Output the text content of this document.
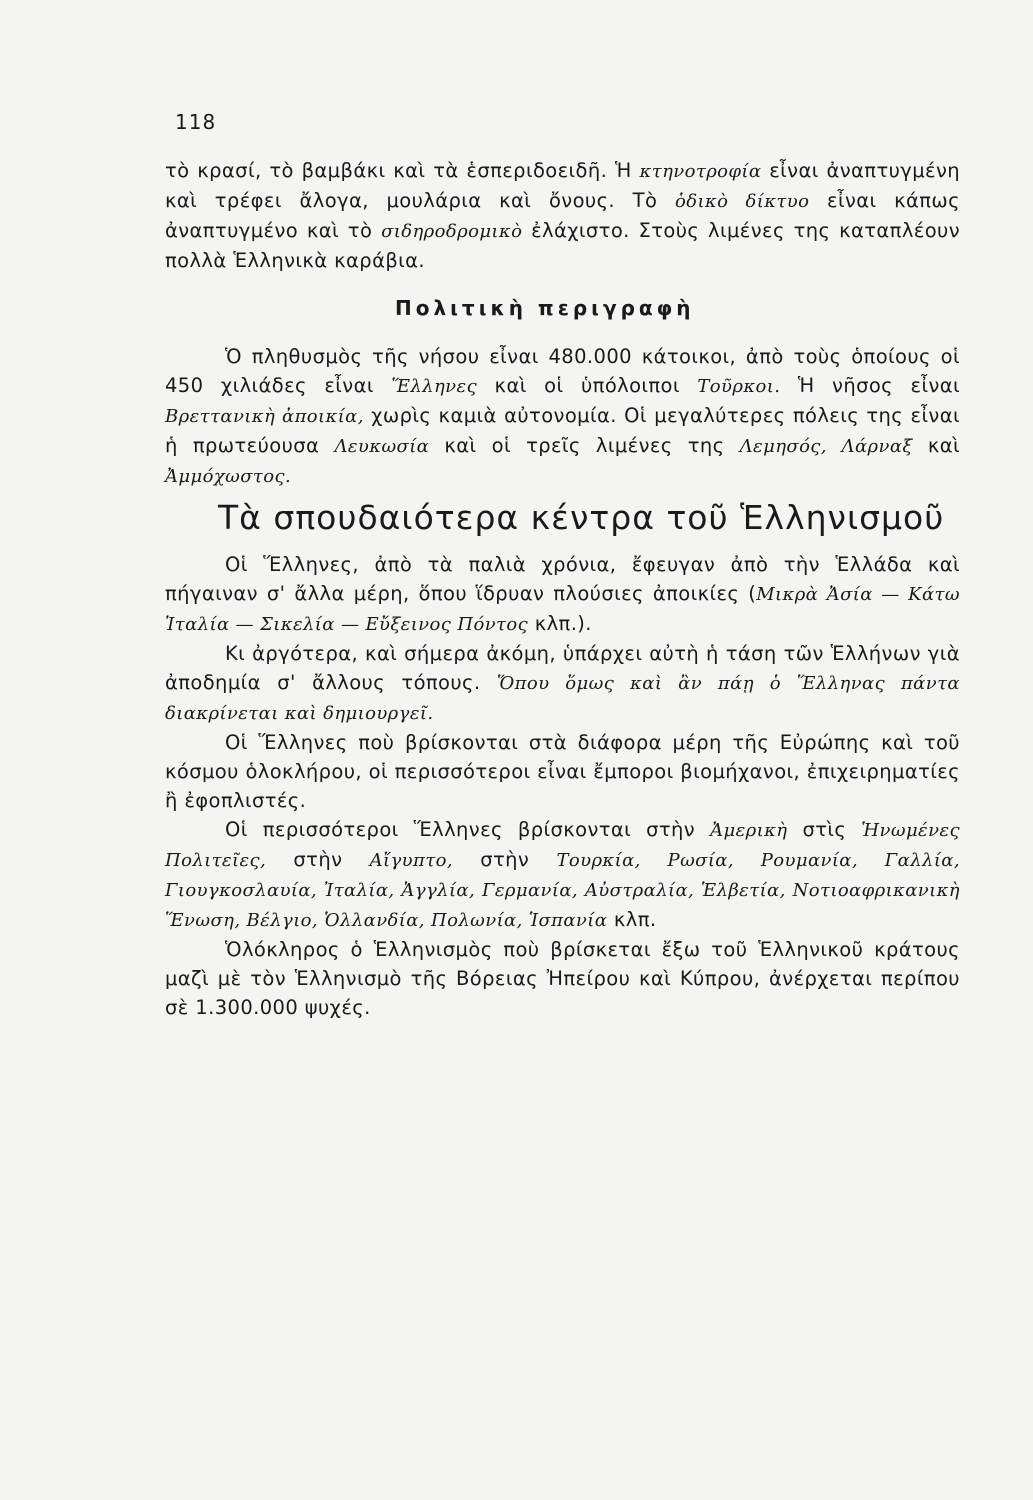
118

τὸ κρασί, τὸ βαμβάκι καὶ τὰ ἑσπεριδοειδῆ. Ἡ κτηνοτροφία εἶναι ἀναπτυγμένη καὶ τρέφει ἄλογα, μουλάρια καὶ ὄνους. Τὸ ὁδικὸ δίκτυο εἶναι κάπως ἀναπτυγμένο καὶ τὸ σιδηροδρομικὸ ἐλάχιστο. Στοὺς λιμένες της καταπλέουν πολλὰ Ἑλληνικὰ καράβια.

Πολιτικὴ περιγραφὴ

Ὁ πληθυσμὸς τῆς νήσου εἶναι 480.000 κάτοικοι, ἀπὸ τοὺς ὁποίους οἱ 450 χιλιάδες εἶναι Ἕλληνες καὶ οἱ ὑπόλοιποι Τοῦρκοι. Ἡ νῆσος εἶναι Βρεττανικὴ ἀποικία, χωρὶς καμιὰ αὐτονομία. Οἱ μεγαλύτερες πόλεις της εἶναι ἡ πρωτεύουσα Λευκωσία καὶ οἱ τρεῖς λιμένες της Λεμησός, Λάρναξ καὶ Ἀμμόχωστος.

Τὰ σπουδαιότερα κέντρα τοῦ Ἑλληνισμοῦ

Οἱ Ἕλληνες, ἀπὸ τὰ παλιὰ χρόνια, ἔφευγαν ἀπὸ τὴν Ἑλλάδα καὶ πήγαιναν σ' ἄλλα μέρη, ὅπου ἵδρυαν πλούσιες ἀποικίες (Μικρὰ Ἀσία — Κάτω Ἰταλία — Σικελία — Εὔξεινος Πόντος κλπ.).

Κι ἀργότερα, καὶ σήμερα ἀκόμη, ὑπάρχει αὐτὴ ἡ τάση τῶν Ἑλλήνων γιὰ ἀποδημία σ' ἄλλους τόπους. Ὅπου ὅμως καὶ ἂν πάῃ ὁ Ἕλληνας πάντα διακρίνεται καὶ δημιουργεῖ.

Οἱ Ἕλληνες ποὺ βρίσκονται στὰ διάφορα μέρη τῆς Εὐρώπης καὶ τοῦ κόσμου ὁλοκλήρου, οἱ περισσότεροι εἶναι ἔμποροι βιομήχανοι, ἐπιχειρηματίες ἢ ἐφοπλιστές.

Οἱ περισσότεροι Ἕλληνες βρίσκονται στὴν Ἀμερικὴ στὶς Ἡνωμένες Πολιτεῖες, στὴν Αἴγυπτο, στὴν Τουρκία, Ρωσία, Ρουμανία, Γαλλία, Γιουγκοσλαυία, Ἰταλία, Ἀγγλία, Γερμανία, Αὐστραλία, Ἑλβετία, Νοτιοαφρικανικὴ Ἕνωση, Βέλγιο, Ὁλλανδία, Πολωνία, Ἱσπανία κλπ.

Ὁλόκληρος ὁ Ἑλληνισμὸς ποὺ βρίσκεται ἔξω τοῦ Ἑλληνικοῦ κράτους μαζὶ μὲ τὸν Ἑλληνισμὸ τῆς Βόρειας Ἠπείρου καὶ Κύπρου, ἀνέρχεται περίπου σὲ 1.300.000 ψυχές.
